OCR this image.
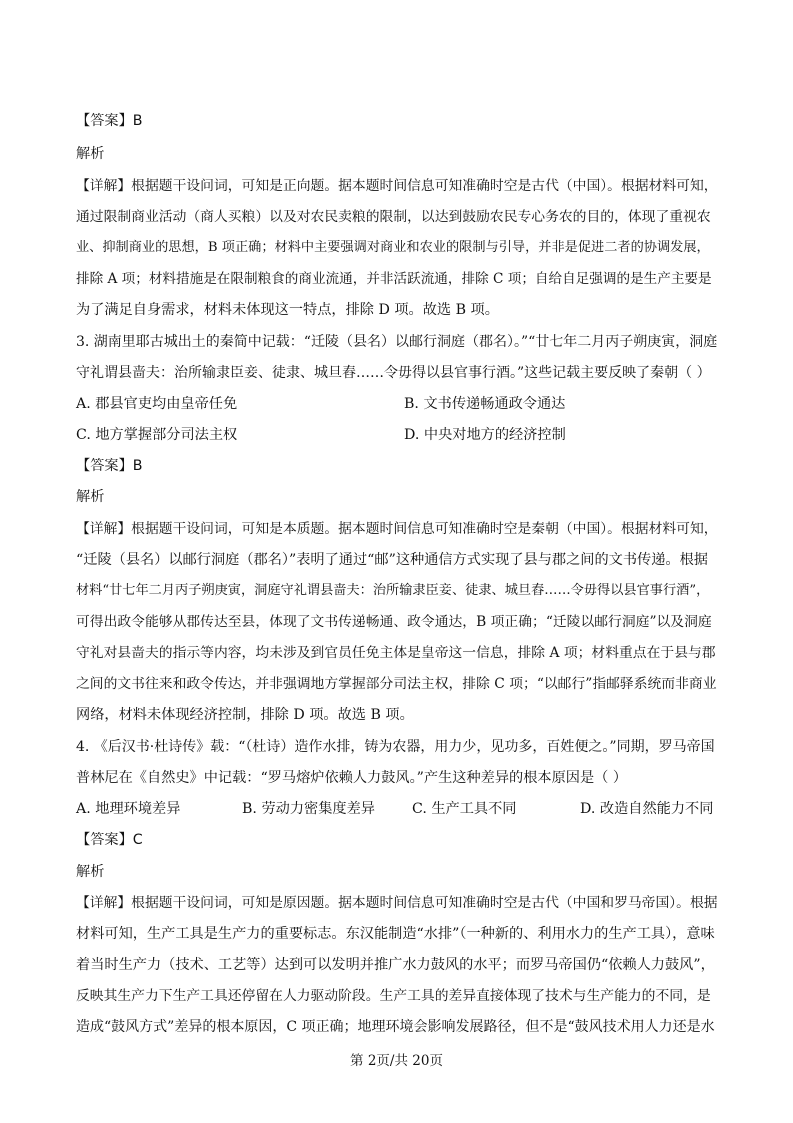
【答案】B
解析
【详解】根据题干设问词，可知是正向题。据本题时间信息可知准确时空是古代（中国）。根据材料可知，
通过限制商业活动（商人买粮）以及对农民卖粮的限制，以达到鼓励农民专心务农的目的，体现了重视农
业、抑制商业的思想，B 项正确；材料中主要强调对商业和农业的限制与引导，并非是促进二者的协调发展，
排除 A 项；材料措施是在限制粮食的商业流通，并非活跃流通，排除 C 项；自给自足强调的是生产主要是
为了满足自身需求，材料未体现这一特点，排除 D 项。故选 B 项。
3. 湖南里耶古城出土的秦简中记载：“迁陵（县名）以邮行洞庭（郡名）。”“廿七年二月丙子朔庚寅，洞庭
守礼谓县啬夫：治所输隶臣妾、徒隶、城旦舂……令毋得以县官事行酒。”这些记载主要反映了秦朝（ ）
A. 郡县官吏均由皇帝任免	B. 文书传递畅通政令通达
C. 地方掌握部分司法主权	D. 中央对地方的经济控制
【答案】B
解析
【详解】根据题干设问词，可知是本质题。据本题时间信息可知准确时空是秦朝（中国）。根据材料可知，
“迁陵（县名）以邮行洞庭（郡名）”表明了通过“邮”这种通信方式实现了县与郡之间的文书传递。根据
材料“廿七年二月丙子朔庚寅，洞庭守礼谓县啬夫：治所输隶臣妾、徒隶、城旦舂……令毋得以县官事行酒”，
可得出政令能够从郡传达至县，体现了文书传递畅通、政令通达，B 项正确；“迁陵以邮行洞庭”以及洞庭
守礼对县啬夫的指示等内容，均未涉及到官员任免主体是皇帝这一信息，排除 A 项；材料重点在于县与郡
之间的文书往来和政令传达，并非强调地方掌握部分司法主权，排除 C 项；“以邮行”指邮驿系统而非商业
网络，材料未体现经济控制，排除 D 项。故选 B 项。
4. 《后汉书·杜诗传》载：“（杜诗）造作水排，铸为农器，用力少，见功多，百姓便之。”同期，罗马帝国
普林尼在《自然史》中记载：“罗马熔炉依赖人力鼓风。”产生这种差异的根本原因是（ ）
A. 地理环境差异	B. 劳动力密集度差异	C. 生产工具不同	D. 改造自然能力不同
【答案】C
解析
【详解】根据题干设问词，可知是原因题。据本题时间信息可知准确时空是古代（中国和罗马帝国）。根据
材料可知，生产工具是生产力的重要标志。东汉能制造“水排”（一种新的、利用水力的生产工具），意味
着当时生产力（技术、工艺等）达到可以发明并推广水力鼓风的水平；而罗马帝国仍“依赖人力鼓风”，
反映其生产力下生产工具还停留在人力驱动阶段。生产工具的差异直接体现了技术与生产能力的不同，是
造成“鼓风方式”差异的根本原因，C 项正确；地理环境会影响发展路径，但不是“鼓风技术用人力还是水
第 2页/共 20页
